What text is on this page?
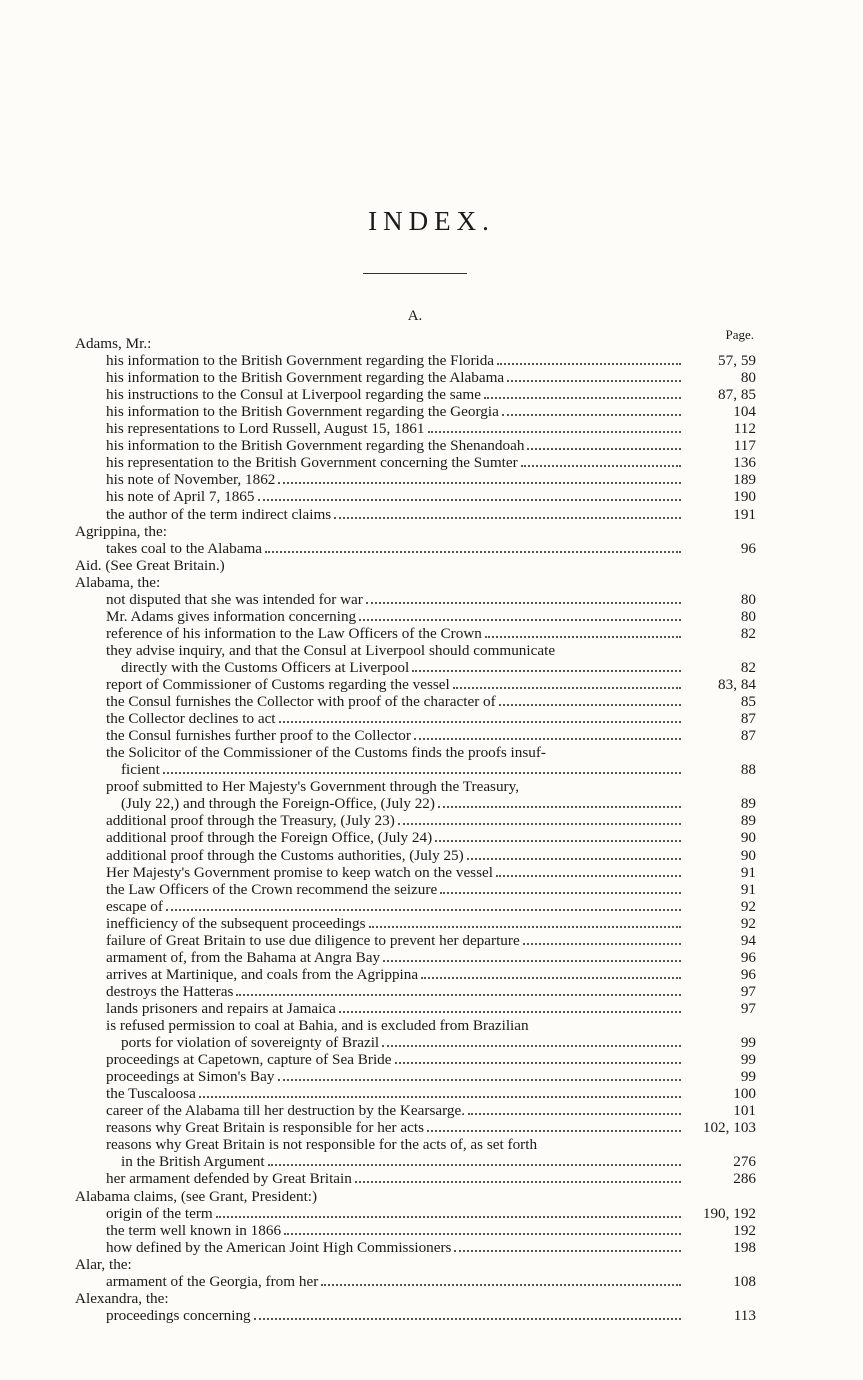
INDEX.
A.
Page.
Adams, Mr.:
his information to the British Government regarding the Florida	57, 59
his information to the British Government regarding the Alabama	80
his instructions to the Consul at Liverpool regarding the same	87, 85
his information to the British Government regarding the Georgia	104
his representations to Lord Russell, August 15, 1861	112
his information to the British Government regarding the Shenandoah	117
his representation to the British Government concerning the Sumter	136
his note of November, 1862	189
his note of April 7, 1865	190
the author of the term indirect claims	191
Agrippina, the:
takes coal to the Alabama	96
Aid. (See Great Britain.)
Alabama, the:
not disputed that she was intended for war	80
Mr. Adams gives information concerning	80
reference of his information to the Law Officers of the Crown	82
they advise inquiry, and that the Consul at Liverpool should communicate
directly with the Customs Officers at Liverpool	82
report of Commissioner of Customs regarding the vessel	83, 84
the Consul furnishes the Collector with proof of the character of	85
the Collector declines to act	87
the Consul furnishes further proof to the Collector	87
the Solicitor of the Commissioner of the Customs finds the proofs insuf-
ficient	88
proof submitted to Her Majesty's Government through the Treasury,
(July 22,) and through the Foreign-Office, (July 22)	89
additional proof through the Treasury, (July 23)	89
additional proof through the Foreign Office, (July 24)	90
additional proof through the Customs authorities, (July 25)	90
Her Majesty's Government promise to keep watch on the vessel	91
the Law Officers of the Crown recommend the seizure	91
escape of	92
inefficiency of the subsequent proceedings	92
failure of Great Britain to use due diligence to prevent her departure	94
armament of, from the Bahama at Angra Bay	96
arrives at Martinique, and coals from the Agrippina	96
destroys the Hatteras	97
lands prisoners and repairs at Jamaica	97
is refused permission to coal at Bahia, and is excluded from Brazilian
ports for violation of sovereignty of Brazil	99
proceedings at Capetown, capture of Sea Bride	99
proceedings at Simon's Bay	99
the Tuscaloosa	100
career of the Alabama till her destruction by the Kearsarge.	101
reasons why Great Britain is responsible for her acts	102, 103
reasons why Great Britain is not responsible for the acts of, as set forth
in the British Argument	276
her armament defended by Great Britain	286
Alabama claims, (see Grant, President:)
origin of the term	190, 192
the term well known in 1866	192
how defined by the American Joint High Commissioners	198
Alar, the:
armament of the Georgia, from her	108
Alexandra, the:
proceedings concerning	113
